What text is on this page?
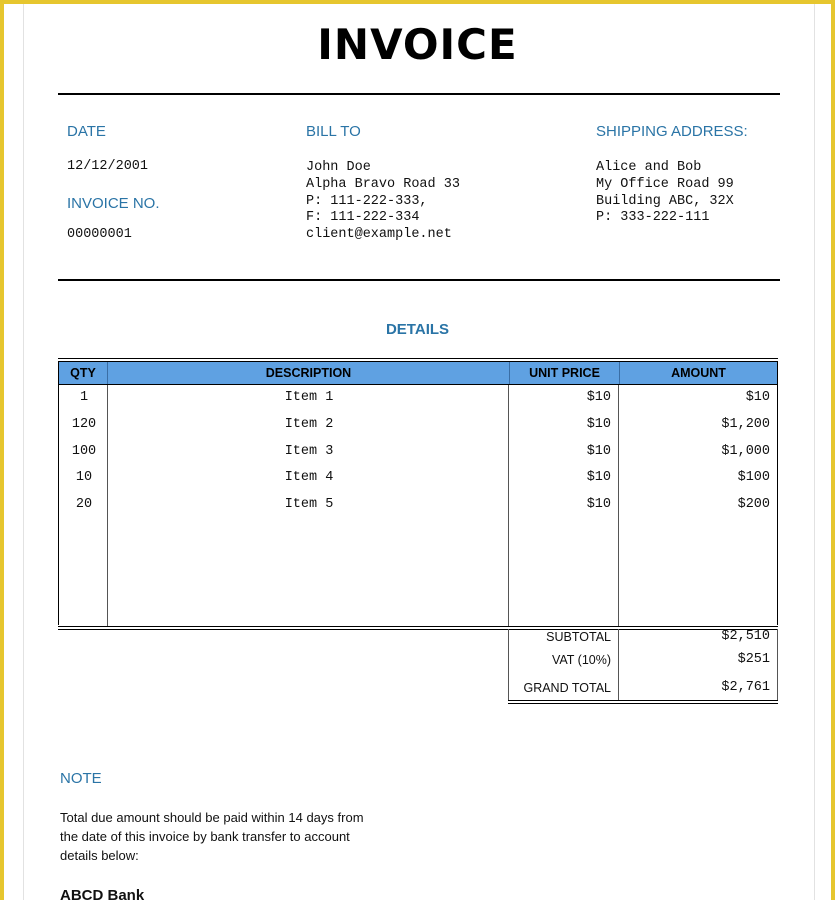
INVOICE
DATE
12/12/2001
INVOICE NO.
00000001
BILL TO
John Doe
Alpha Bravo Road 33
P: 111-222-333,
F: 111-222-334
client@example.net
SHIPPING ADDRESS:
Alice and Bob
My Office Road 99
Building ABC, 32X
P: 333-222-111
DETAILS
QTY	DESCRIPTION	UNIT PRICE	AMOUNT
1	Item 1	$10	$10
120	Item 2	$10	$1,200
100	Item 3	$10	$1,000
10	Item 4	$10	$100
20	Item 5	$10	$200
SUBTOTAL	$2,510
VAT (10%)	$251
GRAND TOTAL	$2,761
NOTE
Total due amount should be paid within 14 days from the date of this invoice by bank transfer to account details below:
ABCD Bank
